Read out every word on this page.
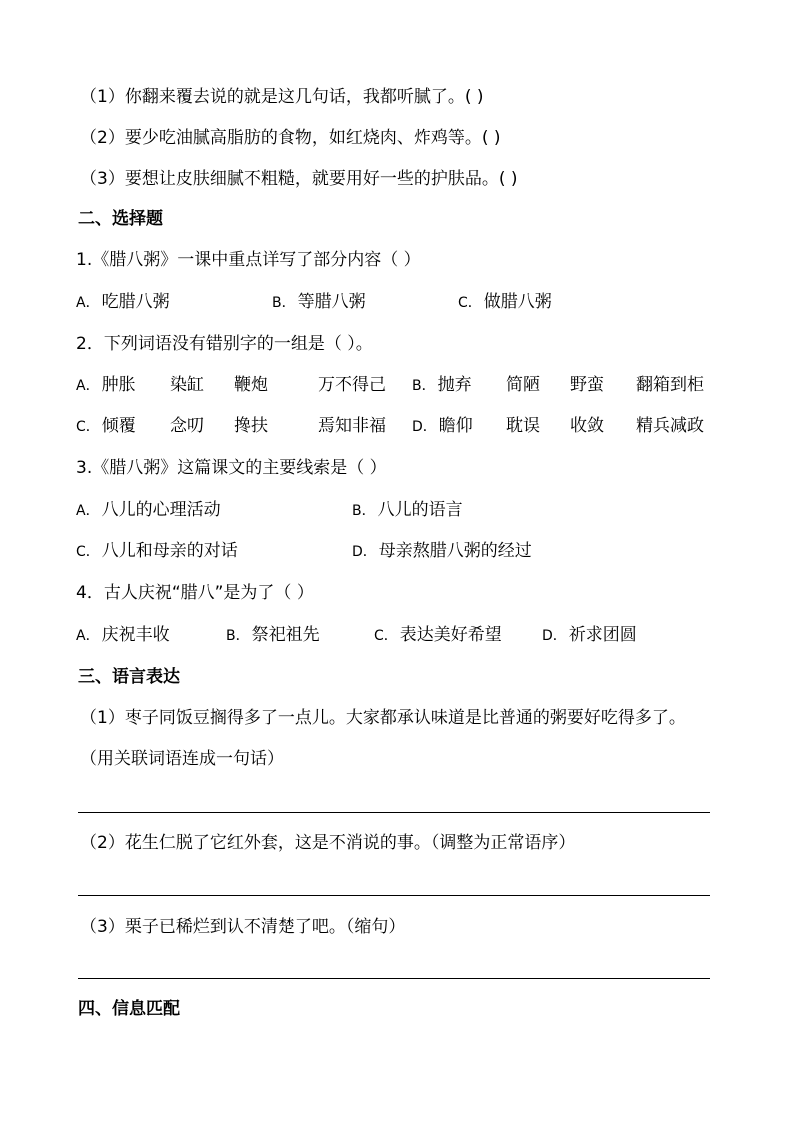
（1）你翻来覆去说的就是这几句话，我都听腻了。( )
（2）要少吃油腻高脂肪的食物，如红烧肉、炸鸡等。( )
（3）要想让皮肤细腻不粗糙，就要用好一些的护肤品。( )
二、选择题
1.《腊八粥》一课中重点详写了部分内容（ ）
A． 吃腊八粥	B． 等腊八粥	C． 做腊八粥
2．下列词语没有错别字的一组是（ ）。
A． 肿胀 染缸 鞭炮	万不得己 B． 抛弃 简陋 野蛮 翻箱到柜
C． 倾覆 念叨 搀扶	焉知非福 D． 瞻仰 耽误 收敛 精兵减政
3.《腊八粥》这篇课文的主要线索是（ ）
A． 八儿的心理活动	B． 八儿的语言
C． 八儿和母亲的对话	D． 母亲熬腊八粥的经过
4．古人庆祝“腊八”是为了（ ）
A． 庆祝丰收	B． 祭祀祖先	C． 表达美好希望	D． 祈求团圆
三、语言表达
（1）枣子同饭豆搁得多了一点儿。大家都承认味道是比普通的粥要好吃得多了。
（用关联词语连成一句话）
（2）花生仁脱了它红外套，这是不消说的事。（调整为正常语序）
（3）栗子已稀烂到认不清楚了吧。（缩句）
四、信息匹配
